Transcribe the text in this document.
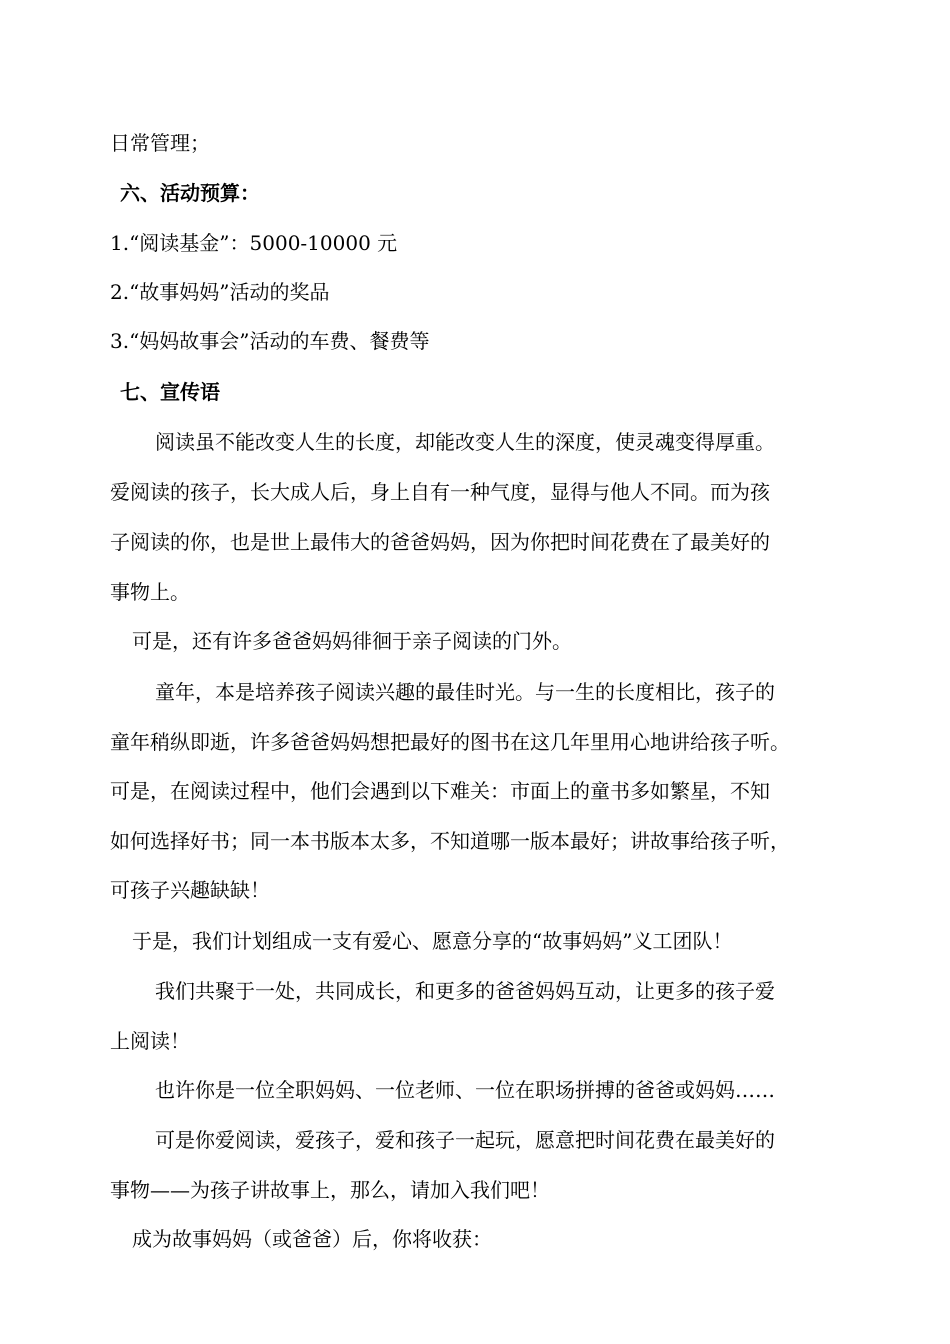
日常管理；
六、活动预算：
1.“阅读基金”：5000-10000 元
2.“故事妈妈”活动的奖品
3.“妈妈故事会”活动的车费、餐费等
七、宣传语
阅读虽不能改变人生的长度，却能改变人生的深度，使灵魂变得厚重。
爱阅读的孩子，长大成人后，身上自有一种气度，显得与他人不同。而为孩
子阅读的你，也是世上最伟大的爸爸妈妈，因为你把时间花费在了最美好的
事物上。
可是，还有许多爸爸妈妈徘徊于亲子阅读的门外。
童年，本是培养孩子阅读兴趣的最佳时光。与一生的长度相比，孩子的
童年稍纵即逝，许多爸爸妈妈想把最好的图书在这几年里用心地讲给孩子听。
可是，在阅读过程中，他们会遇到以下难关：市面上的童书多如繁星，不知
如何选择好书；同一本书版本太多，不知道哪一版本最好；讲故事给孩子听，
可孩子兴趣缺缺！
于是，我们计划组成一支有爱心、愿意分享的“故事妈妈”义工团队！
我们共聚于一处，共同成长，和更多的爸爸妈妈互动，让更多的孩子爱
上阅读！
也许你是一位全职妈妈、一位老师、一位在职场拼搏的爸爸或妈妈……
可是你爱阅读，爱孩子，爱和孩子一起玩，愿意把时间花费在最美好的
事物——为孩子讲故事上，那么，请加入我们吧！
成为故事妈妈（或爸爸）后，你将收获：
